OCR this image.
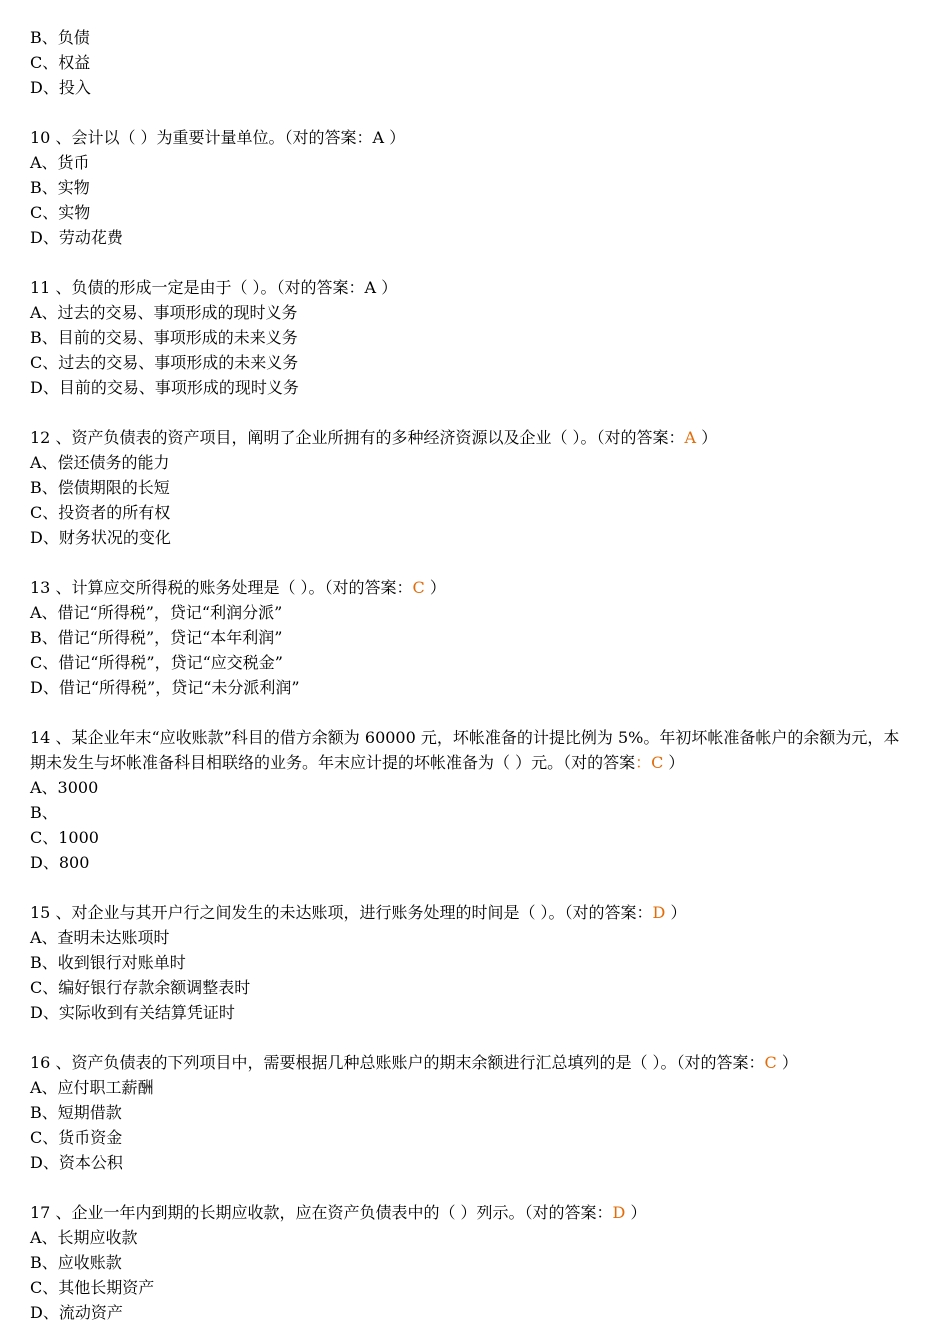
B、负债
C、权益
D、投入
10 、会计以（ ）为重要计量单位。（对的答案：A ）
A、货币
B、实物
C、实物
D、劳动花费
11 、负债的形成一定是由于（ ）。（对的答案：A ）
A、过去的交易、事项形成的现时义务
B、目前的交易、事项形成的未来义务
C、过去的交易、事项形成的未来义务
D、目前的交易、事项形成的现时义务
12 、资产负债表的资产项目，阐明了企业所拥有的多种经济资源以及企业（ ）。（对的答案：A ）
A、偿还债务的能力
B、偿债期限的长短
C、投资者的所有权
D、财务状况的变化
13 、计算应交所得税的账务处理是（ ）。（对的答案：C ）
A、借记“所得税”，贷记“利润分派”
B、借记“所得税”，贷记“本年利润”
C、借记“所得税”，贷记“应交税金”
D、借记“所得税”，贷记“未分派利润”
14 、某企业年末“应收账款”科目的借方余额为 60000 元，坏帐准备的计提比例为 5%。年初坏帐准备帐户的余额为元，本期未发生与坏帐准备科目相联络的业务。年末应计提的坏帐准备为（ ）元。（对的答案：C ）
A、3000
B、
C、1000
D、800
15 、对企业与其开户行之间发生的未达账项，进行账务处理的时间是（ ）。（对的答案：D ）
A、查明未达账项时
B、收到银行对账单时
C、编好银行存款余额调整表时
D、实际收到有关结算凭证时
16 、资产负债表的下列项目中，需要根据几种总账账户的期末余额进行汇总填列的是（ ）。（对的答案：C ）
A、应付职工薪酬
B、短期借款
C、货币资金
D、资本公积
17 、企业一年内到期的长期应收款，应在资产负债表中的（ ）列示。（对的答案：D ）
A、长期应收款
B、应收账款
C、其他长期资产
D、流动资产
